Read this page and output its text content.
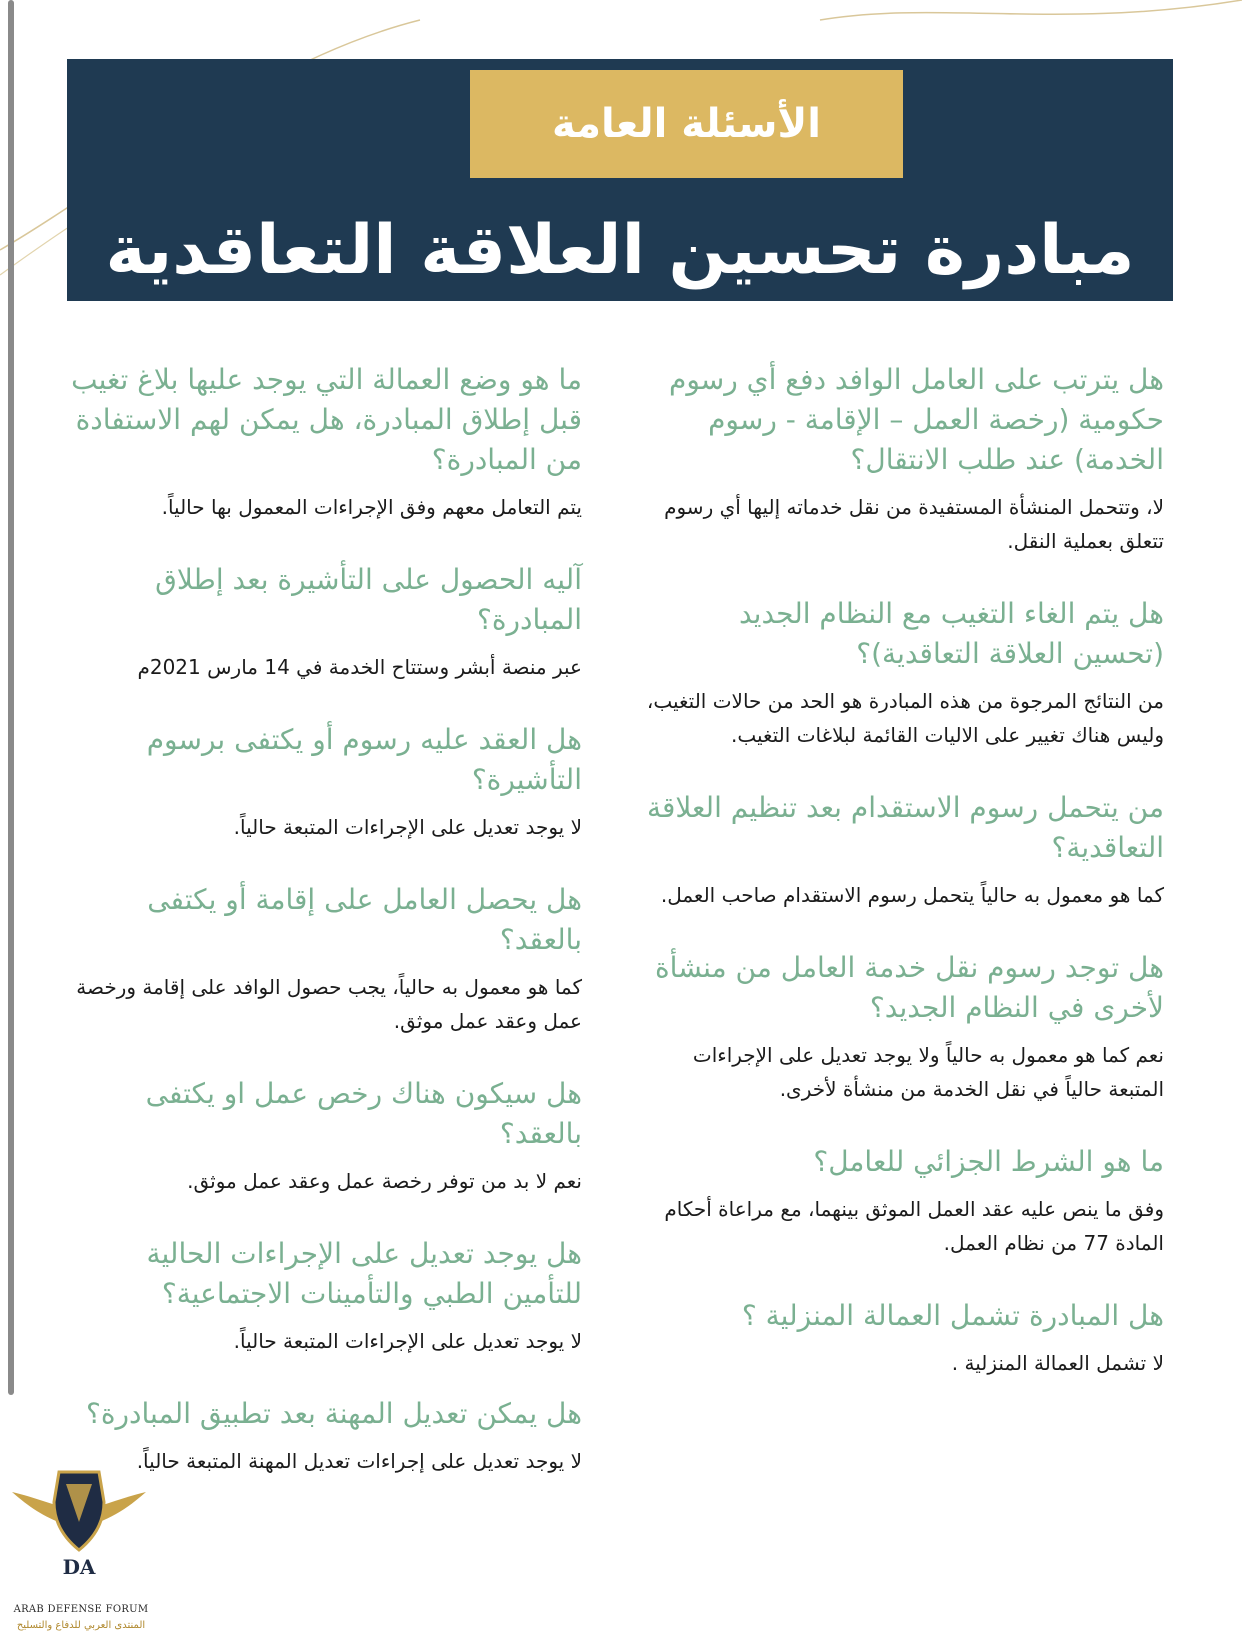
الأسئلة العامة
مبادرة تحسين العلاقة التعاقدية

هل يترتب على العامل الوافد دفع أي رسوم حكومية (رخصة العمل – الإقامة - رسوم الخدمة) عند طلب الانتقال؟

لا، وتتحمل المنشأة المستفيدة من نقل خدماته إليها أي رسوم تتعلق بعملية النقل.

هل يتم الغاء التغيب مع النظام الجديد (تحسين العلاقة التعاقدية)؟

من النتائج المرجوة من هذه المبادرة هو الحد من حالات التغيب، وليس هناك تغيير على الاليات القائمة لبلاغات التغيب.

من يتحمل رسوم الاستقدام بعد تنظيم العلاقة التعاقدية؟

كما هو معمول به حالياً يتحمل رسوم الاستقدام صاحب العمل.

هل توجد رسوم نقل خدمة العامل من منشأة لأخرى في النظام الجديد؟

نعم كما هو معمول به حالياً ولا يوجد تعديل على الإجراءات المتبعة حالياً في نقل الخدمة من منشأة لأخرى.

ما هو الشرط الجزائي للعامل؟

وفق ما ينص عليه عقد العمل الموثق بينهما، مع مراعاة أحكام المادة 77 من نظام العمل.

هل المبادرة تشمل العمالة المنزلية ؟

لا تشمل العمالة المنزلية .

ما هو وضع العمالة التي يوجد عليها بلاغ تغيب قبل إطلاق المبادرة، هل يمكن لهم الاستفادة من المبادرة؟

يتم التعامل معهم وفق الإجراءات المعمول بها حالياً.

آليه الحصول على التأشيرة بعد إطلاق المبادرة؟

عبر منصة أبشر وستتاح الخدمة في 14 مارس 2021م

هل العقد عليه رسوم أو يكتفى برسوم التأشيرة؟

لا يوجد تعديل على الإجراءات المتبعة حالياً.

هل يحصل العامل على إقامة أو يكتفى بالعقد؟

كما هو معمول به حالياً، يجب حصول الوافد على إقامة ورخصة عمل وعقد عمل موثق.

هل سيكون هناك رخص عمل او يكتفى بالعقد؟

نعم لا بد من توفر رخصة عمل وعقد عمل موثق.

هل يوجد تعديل على الإجراءات الحالية للتأمين الطبي والتأمينات الاجتماعية؟

لا يوجد تعديل على الإجراءات المتبعة حالياً.

هل يمكن تعديل المهنة بعد تطبيق المبادرة؟

لا يوجد تعديل على إجراءات تعديل المهنة المتبعة حالياً.

DA
ARAB DEFENSE FORUM
المنتدى العربي للدفاع والتسليح
